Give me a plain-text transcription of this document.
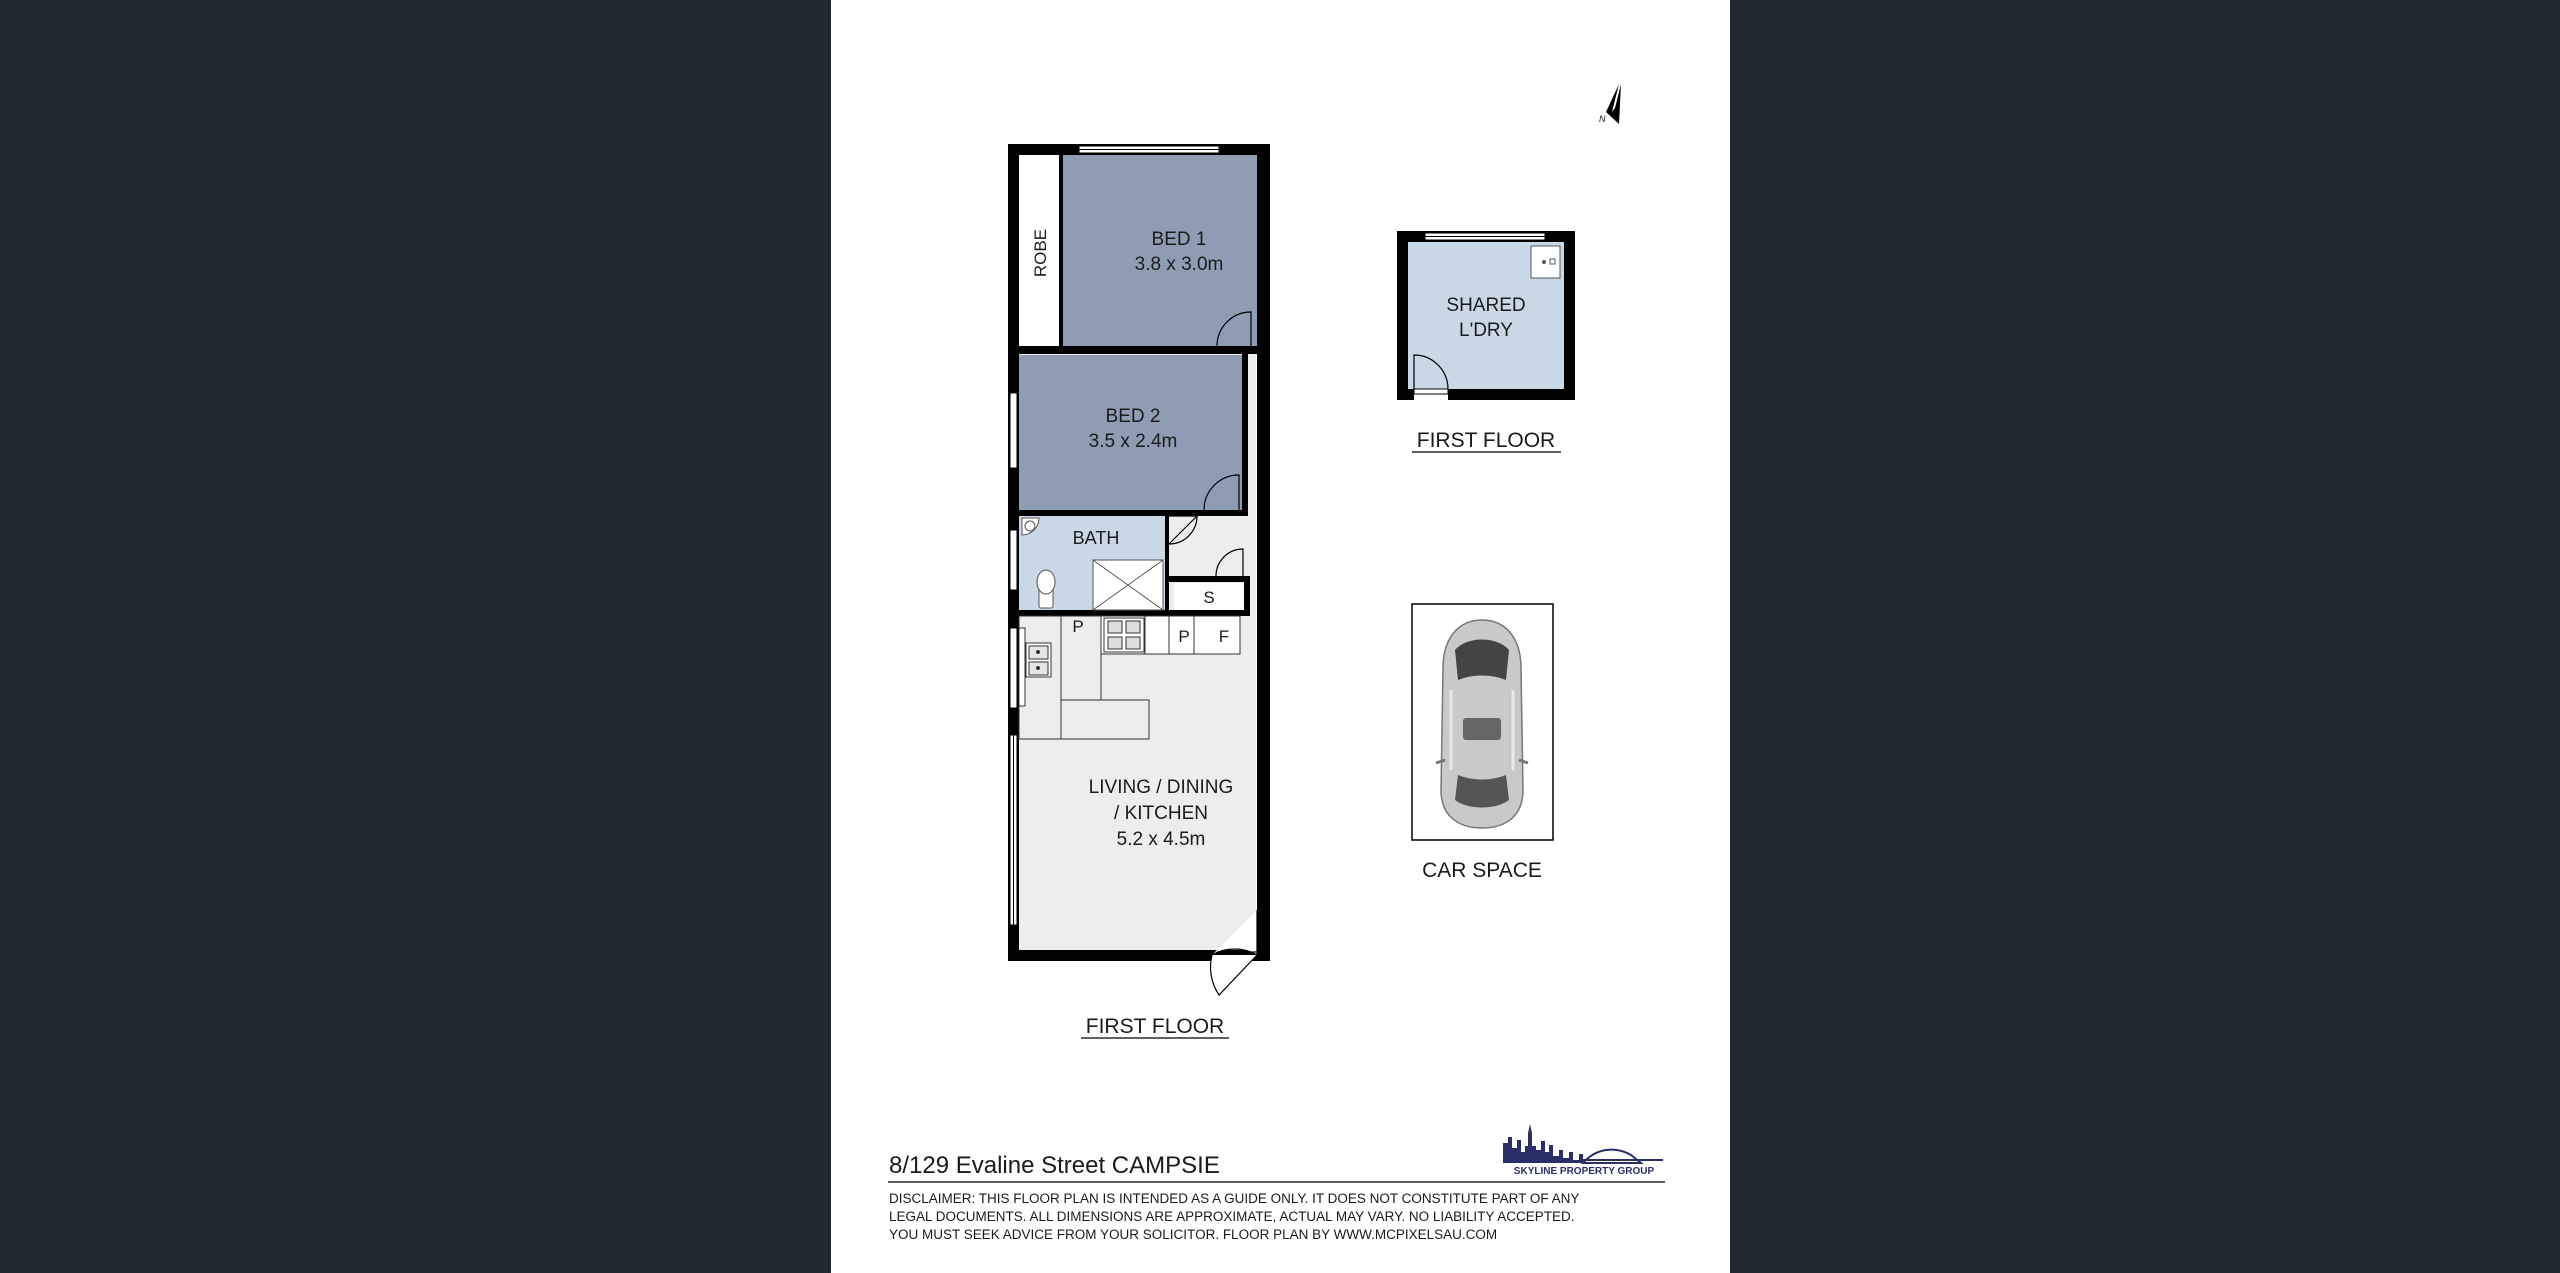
N
BED 1
3.8 x 3.0m
ROBE
BED 2
3.5 x 2.4m
BATH
S
P
P F
LIVING / DINING
/ KITCHEN
5.2 x 4.5m
FIRST FLOOR
SHARED
L'DRY
FIRST FLOOR
CAR SPACE
8/129 Evaline Street CAMPSIE	SKYLINE PROPERTY GROUP
DISCLAIMER: THIS FLOOR PLAN IS INTENDED AS A GUIDE ONLY. IT DOES NOT CONSTITUTE PART OF ANY
LEGAL DOCUMENTS. ALL DIMENSIONS ARE APPROXIMATE, ACTUAL MAY VARY. NO LIABILITY ACCEPTED.
YOU MUST SEEK ADVICE FROM YOUR SOLICITOR. FLOOR PLAN BY WWW.MCPIXELSAU.COM
